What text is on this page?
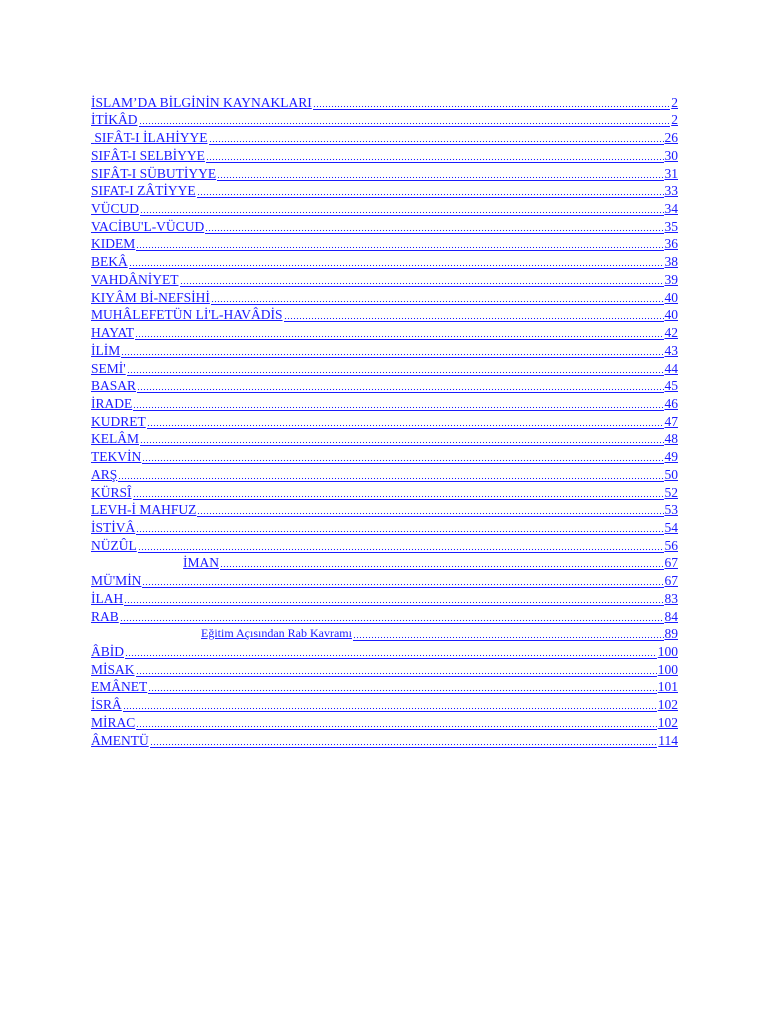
İSLAM’DA BİLGİNİN KAYNAKLARI	2
İTİKÂD	2
SIFÂT-I İLAHİYYE	26
SIFÂT-I SELBİYYE	30
SIFÂT-I SÜBUTİYYE	31
SIFAT-I ZÂTİYYE	33
VÜCUD	34
VACİBU'L-VÜCUD	35
KIDEM	36
BEKÂ	38
VAHDÂNİYET	39
KIYÂM Bİ-NEFSİHİ	40
MUHÂLEFETÜN Lİ'L-HAVÂDİS	40
HAYAT	42
İLİM	43
SEMİ'	44
BASAR	45
İRADE	46
KUDRET	47
KELÂM	48
TEKVİN	49
ARŞ	50
KÜRSÎ	52
LEVH-İ MAHFUZ	53
İSTİVÂ	54
NÜZÛL	56
İMAN	67
MÜ'MİN	67
İLAH	83
RAB	84
Eğitim Açısından Rab Kavramı	89
ÂBİD	100
MİSAK	100
EMÂNET	101
İSRÂ	102
MİRAC	102
ÂMENTÜ	114
